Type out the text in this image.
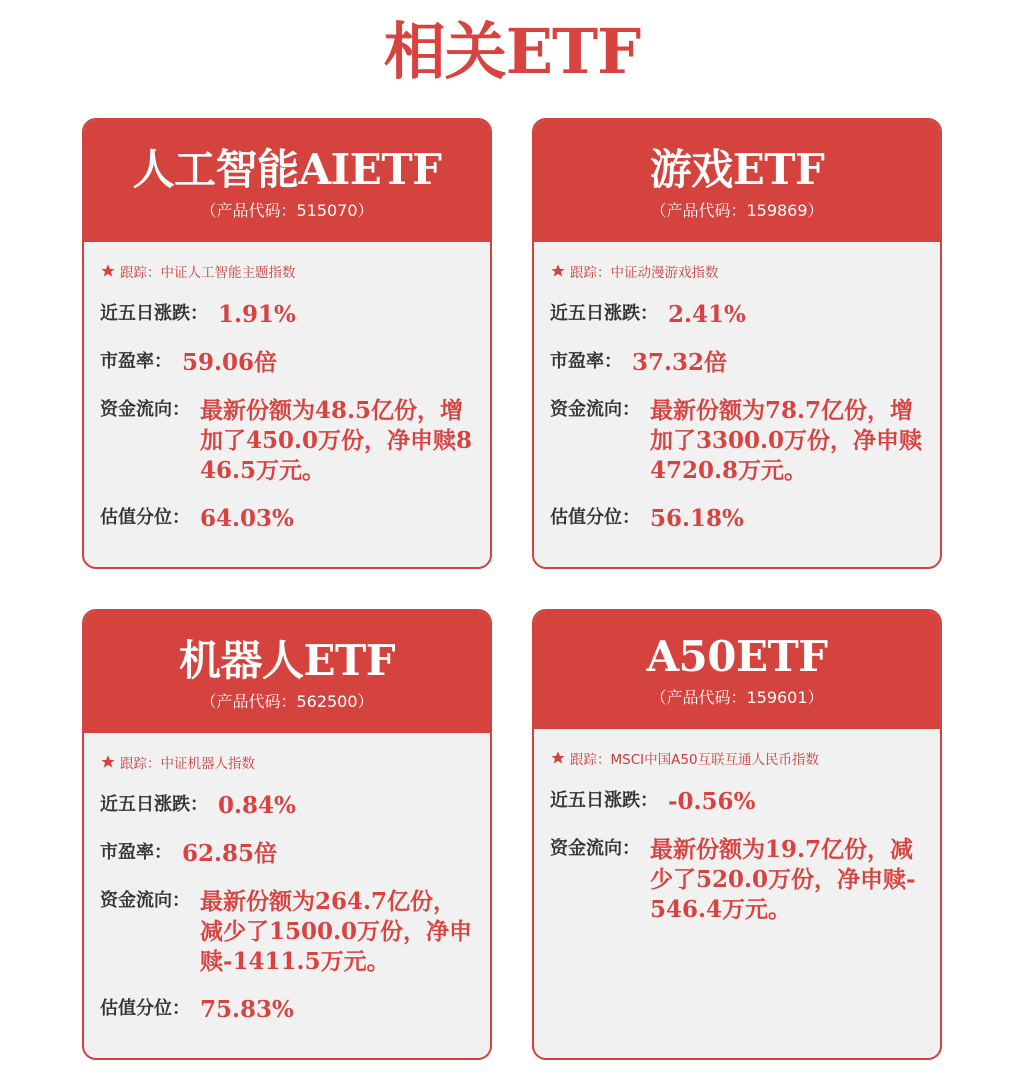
相关ETF
人工智能AIETF
（产品代码：515070）
跟踪： 中证人工智能主题指数
近五日涨跌： 1.91%
市盈率： 59.06倍
资金流向： 最新份额为48.5亿份，增加了450.0万份，净申赎846.5万元。
估值分位： 64.03%
游戏ETF
（产品代码：159869）
跟踪： 中证动漫游戏指数
近五日涨跌： 2.41%
市盈率： 37.32倍
资金流向： 最新份额为78.7亿份，增加了3300.0万份，净申赎4720.8万元。
估值分位： 56.18%
机器人ETF
（产品代码：562500）
跟踪： 中证机器人指数
近五日涨跌： 0.84%
市盈率： 62.85倍
资金流向： 最新份额为264.7亿份，减少了1500.0万份，净申赎-1411.5万元。
估值分位： 75.83%
A50ETF
（产品代码：159601）
跟踪： MSCI中国A50互联互通人民币指数
近五日涨跌： -0.56%
资金流向： 最新份额为19.7亿份，减少了520.0万份，净申赎-546.4万元。
